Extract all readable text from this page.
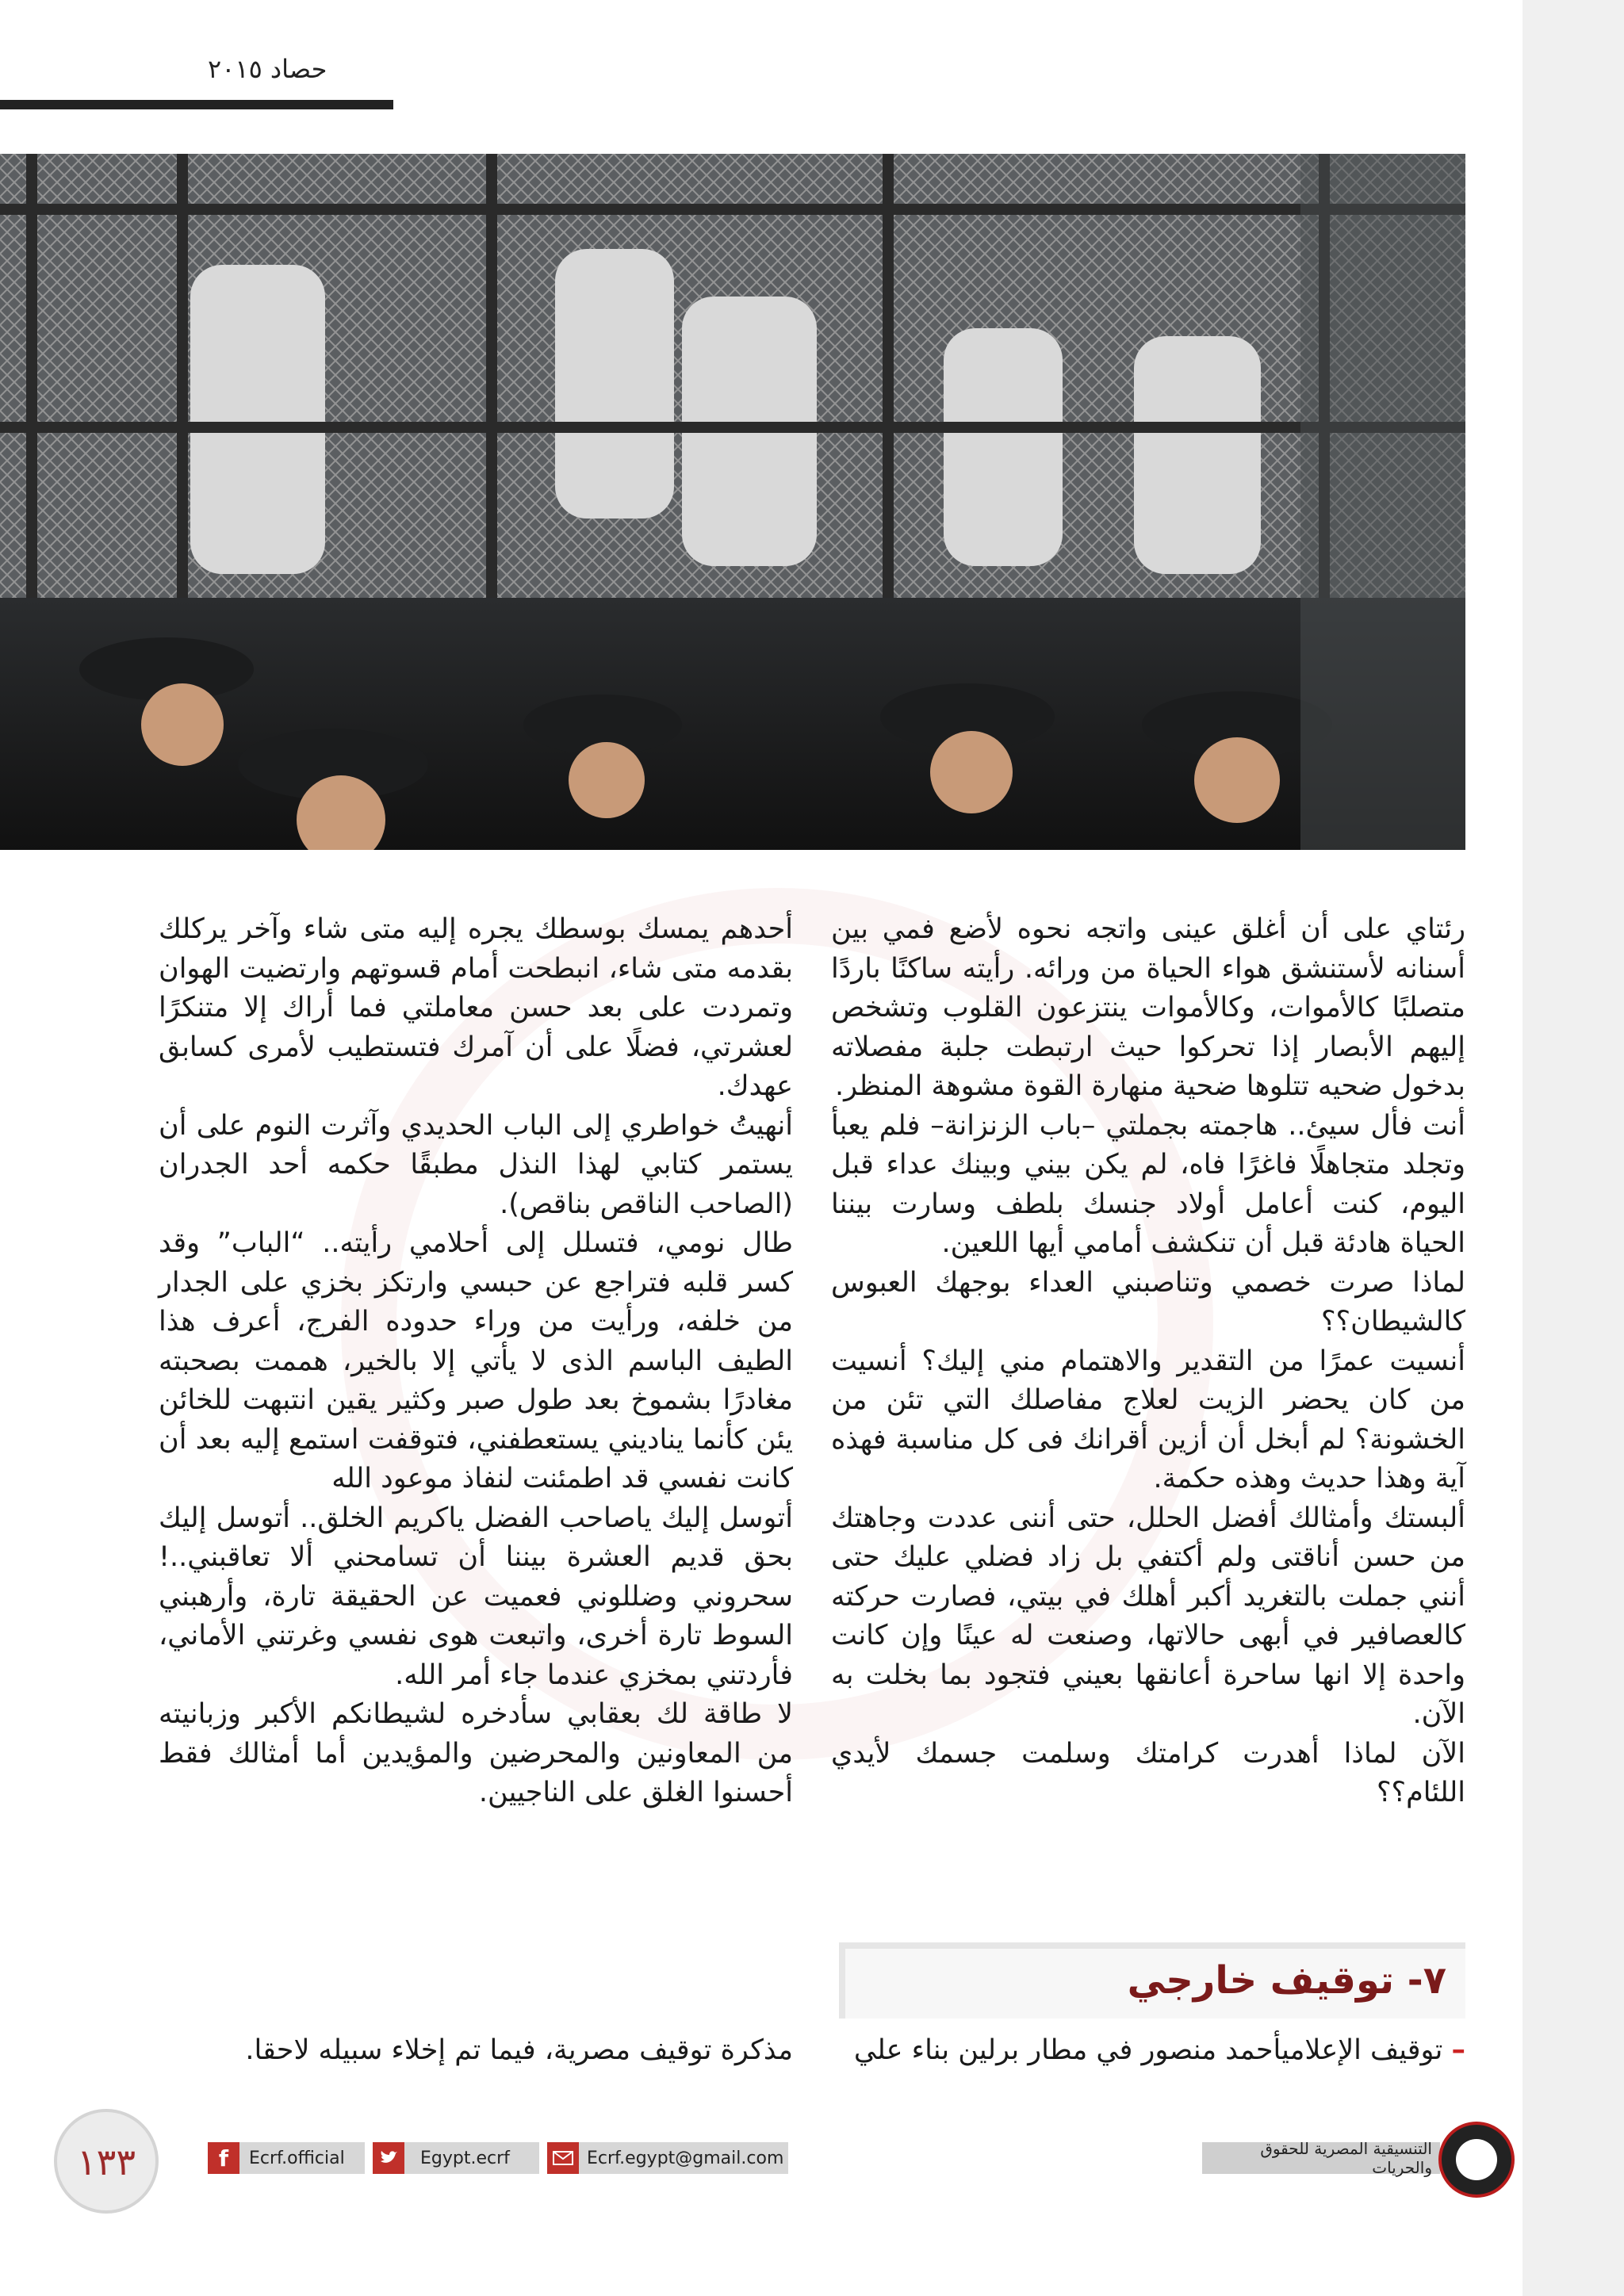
حصاد ٢٠١٥

رئتاي على أن أغلق عينى واتجه نحوه لأضع فمي بين أسنانه لأستنشق هواء الحياة من ورائه. رأيته ساكنًا باردًا متصلبًا كالأموات، وكالأموات ينتزعون القلوب وتشخص إليهم الأبصار إذا تحركوا حيث ارتبطت جلبة مفصلاته بدخول ضحيه تتلوها ضحية منهارة القوة مشوهة المنظر.

أنت فأل سيئ.. هاجمته بجملتي –باب الزنزانة– فلم يعبأ وتجلد متجاهلًا فاغرًا فاه، لم يكن بيني وبينك عداء قبل اليوم، كنت أعامل أولاد جنسك بلطف وسارت بيننا الحياة هادئة قبل أن تنكشف أمامي أيها اللعين.

لماذا صرت خصمي وتناصبني العداء بوجهك العبوس كالشيطان؟؟

أنسيت عمرًا من التقدير والاهتمام مني إليك؟ أنسيت من كان يحضر الزيت لعلاج مفاصلك التي تئن من الخشونة؟ لم أبخل أن أزين أقرانك فى كل مناسبة فهذه آية وهذا حديث وهذه حكمة.

ألبستك وأمثالك أفضل الحلل، حتى أننى عددت وجاهتك من حسن أناقتى ولم أكتفي بل زاد فضلي عليك حتى أنني جملت بالتغريد أكبر أهلك في بيتي، فصارت حركته كالعصافير في أبهى حالاتها، وصنعت له عينًا وإن كانت واحدة إلا انها ساحرة أعانقها بعيني فتجود بما بخلت به الآن.

الآن لماذا أهدرت كرامتك وسلمت جسمك لأيدي اللئام؟؟

أحدهم يمسك بوسطك يجره إليه متى شاء وآخر يركلك بقدمه متى شاء، انبطحت أمام قسوتهم وارتضيت الهوان وتمردت على بعد حسن معاملتي فما أراك إلا متنكرًا لعشرتي، فضلًا على أن آمرك فتستطيب لأمرى كسابق عهدك.

أنهيتُ خواطري إلى الباب الحديدي وآثرت النوم على أن يستمر كتابي لهذا النذل مطبقًا حكمه أحد الجدران (الصاحب الناقص بناقص).

طال نومي، فتسلل إلى أحلامي رأيته.. “الباب” وقد كسر قلبه فتراجع عن حبسي وارتكز بخزي على الجدار من خلفه، ورأيت من وراء حدوده الفرج، أعرف هذا الطيف الباسم الذى لا يأتي إلا بالخير، هممت بصحبته مغادرًا بشموخ بعد طول صبر وكثير يقين انتبهت للخائن يئن كأنما يناديني يستعطفني، فتوقفت استمع إليه بعد أن كانت نفسي قد اطمئنت لنفاذ موعود الله

أتوسل إليك ياصاحب الفضل ياكريم الخلق.. أتوسل إليك بحق قديم العشرة بيننا أن تسامحني ألا تعاقبني..! سحروني وضللوني فعميت عن الحقيقة تارة، وأرهبني السوط تارة أخرى، واتبعت هوى نفسي وغرتني الأماني، فأردتني بمخزي عندما جاء أمر الله.

لا طاقة لك بعقابي سأدخره لشيطانكم الأكبر وزبانيته من المعاونين والمحرضين والمؤيدين أما أمثالك فقط أحسنوا الغلق على الناجيين.

٧- توقيف خارجي
– توقيف الإعلاميأحمد منصور في مطار برلين بناء علي
مذكرة توقيف مصرية، فيما تم إخلاء سبيله لاحقا.
١٣٣	f	Ecrf.official	Egypt.ecrf	Ecrf.egypt@gmail.com	التنسيقية المصرية للحقوق والحريات
